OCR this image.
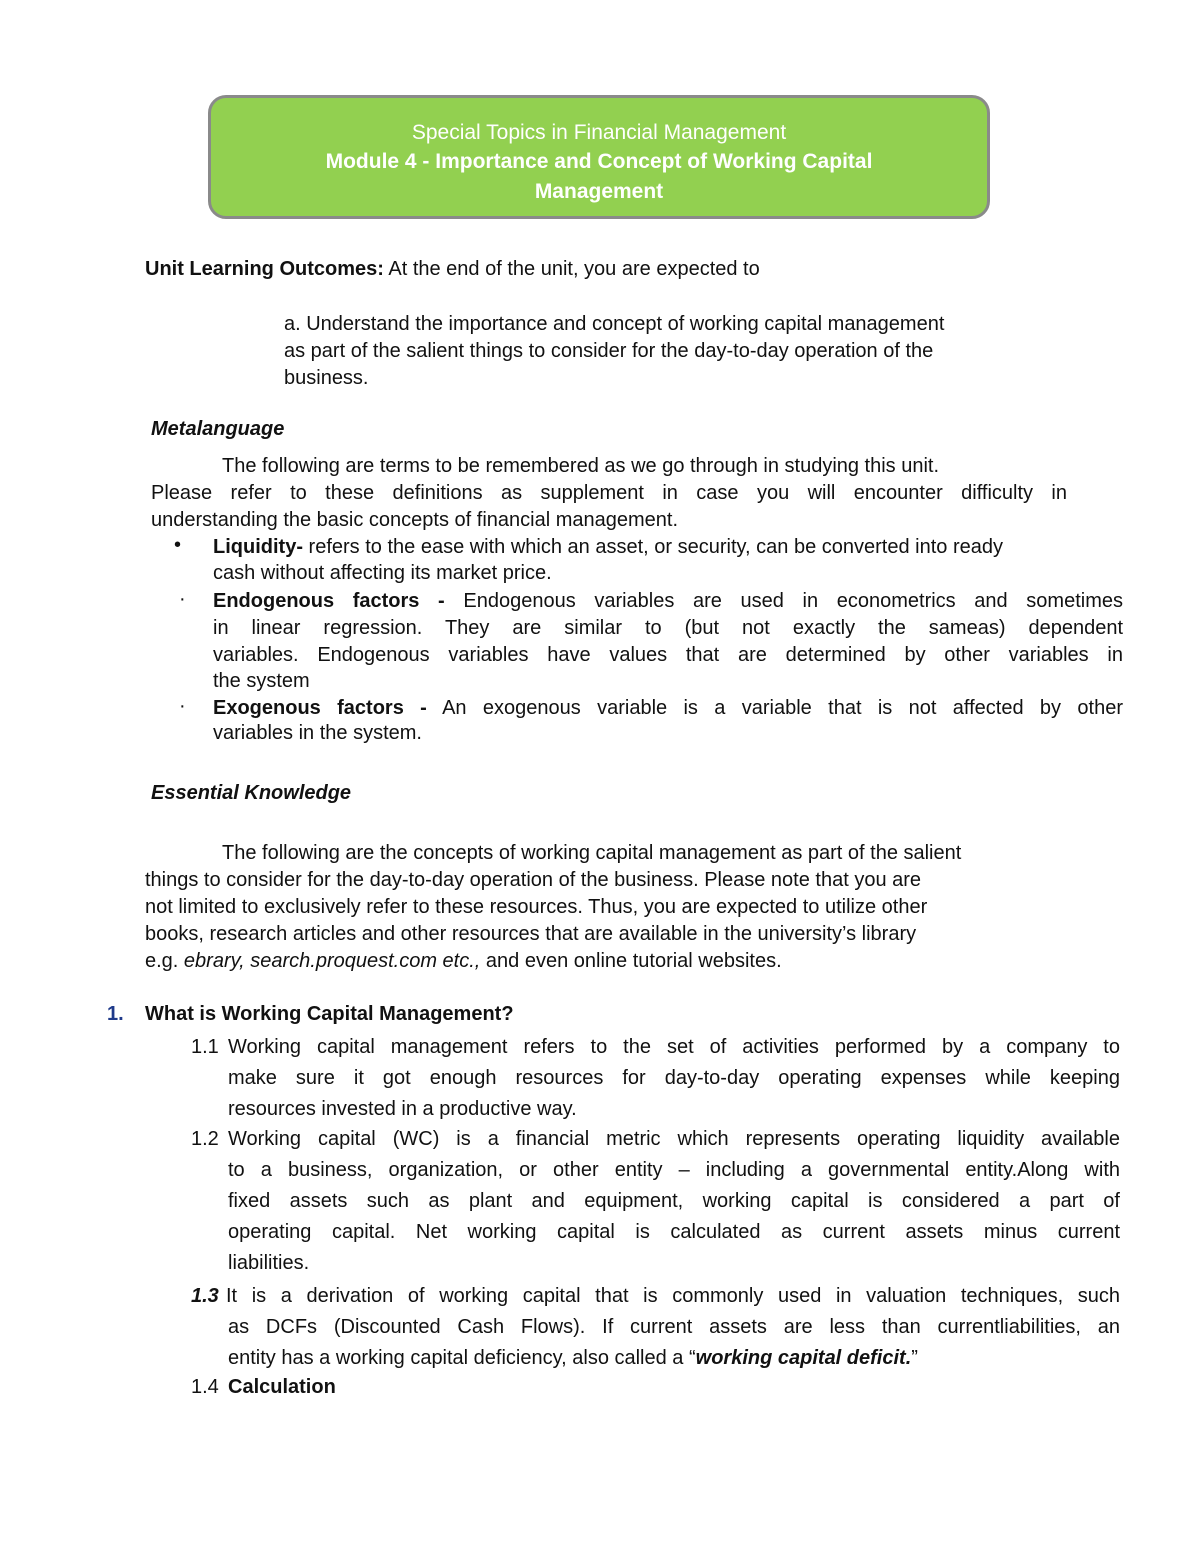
Special Topics in Financial Management
Module 4 - Importance and Concept of Working Capital
Management
Unit Learning Outcomes: At the end of the unit, you are expected to
a. Understand the importance and concept of working capital management
as part of the salient things to consider for the day-to-day operation of the
business.
Metalanguage
The following are terms to be remembered as we go through in studying this unit.
Please refer to these definitions as supplement in case you will encounter difficulty in
understanding the basic concepts of financial management.
• Liquidity- refers to the ease with which an asset, or security, can be converted into ready
cash without affecting its market price.
· Endogenous factors - Endogenous variables are used in econometrics and sometimes
in linear regression. They are similar to (but not exactly the sameas) dependent
variables. Endogenous variables have values that are determined by other variables in
the system
· Exogenous factors - An exogenous variable is a variable that is not affected by other
variables in the system.
Essential Knowledge
The following are the concepts of working capital management as part of the salient
things to consider for the day-to-day operation of the business. Please note that you are
not limited to exclusively refer to these resources. Thus, you are expected to utilize other
books, research articles and other resources that are available in the university’s library
e.g. ebrary, search.proquest.com etc., and even online tutorial websites.
1. What is Working Capital Management?
1.1 Working capital management refers to the set of activities performed by a company to
make sure it got enough resources for day-to-day operating expenses while keeping
resources invested in a productive way.
1.2 Working capital (WC) is a financial metric which represents operating liquidity available
to a business, organization, or other entity – including a governmental entity.Along with
fixed assets such as plant and equipment, working capital is considered a part of
operating capital. Net working capital is calculated as current assets minus current
liabilities.
1.3 It is a derivation of working capital that is commonly used in valuation techniques, such
as DCFs (Discounted Cash Flows). If current assets are less than currentliabilities, an
entity has a working capital deficiency, also called a “working capital deficit.”
1.4 Calculation
